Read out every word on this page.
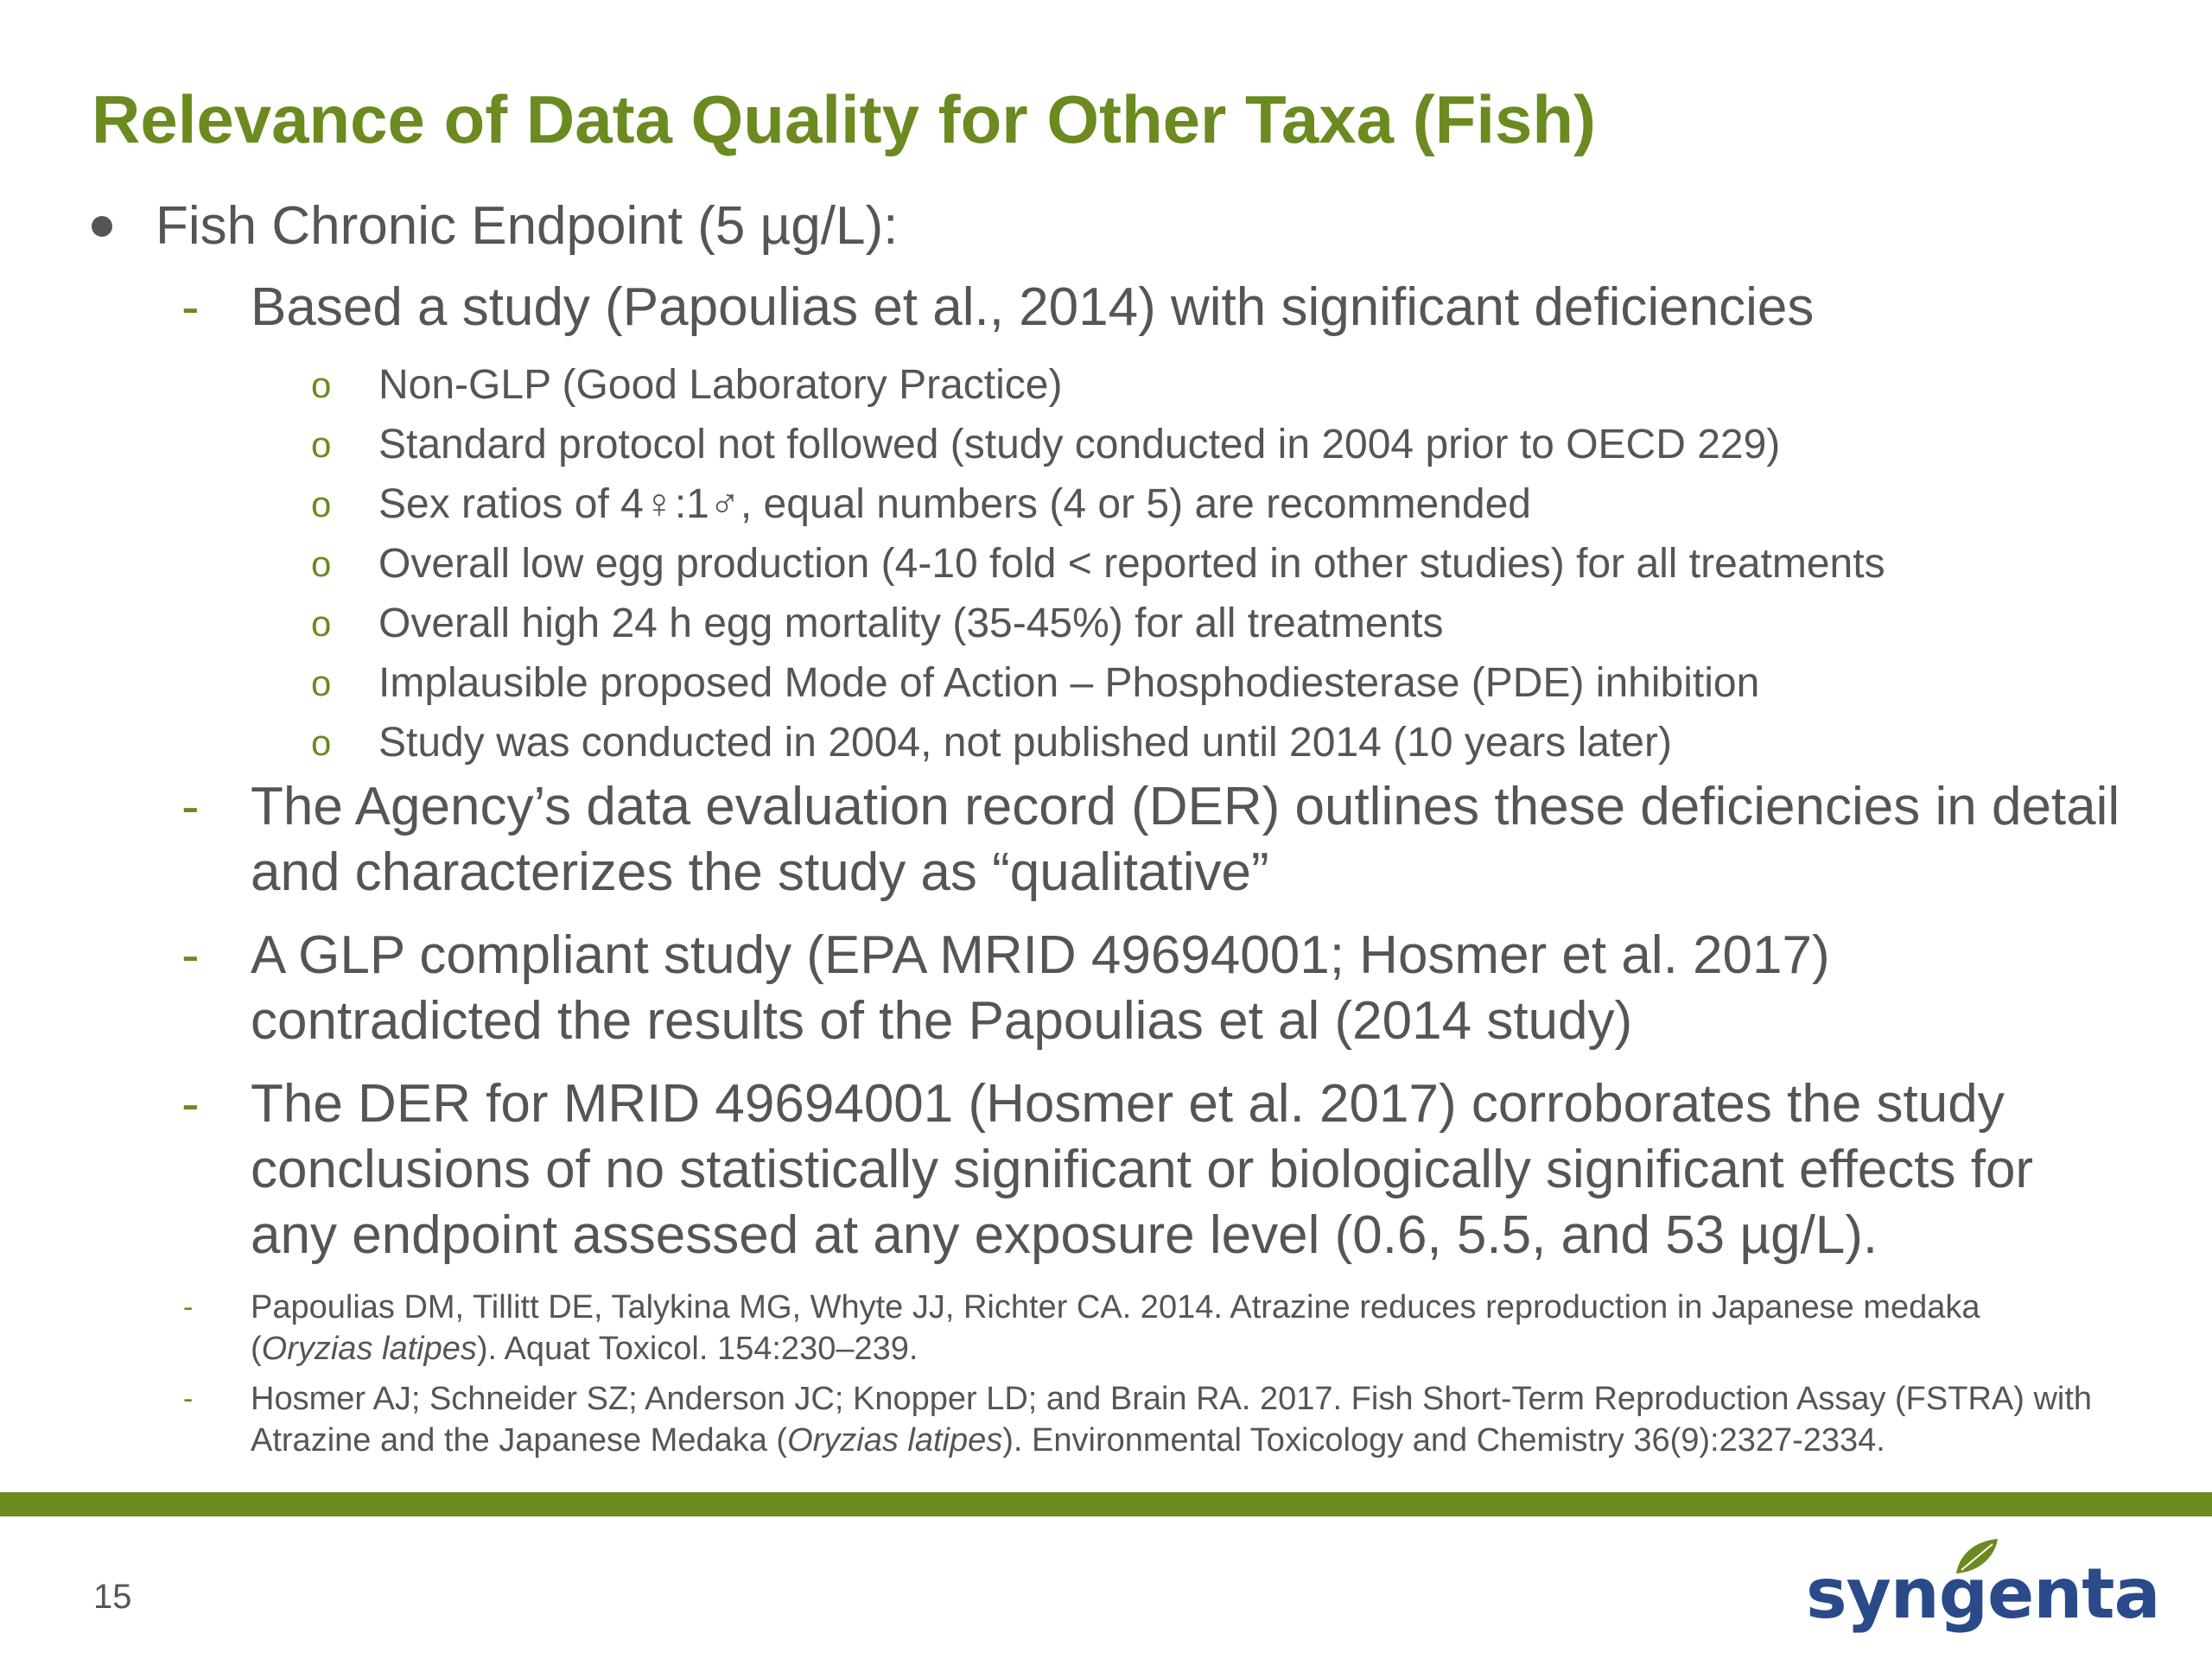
Relevance of Data Quality for Other Taxa (Fish)
Fish Chronic Endpoint (5 µg/L):
- Based a study (Papoulias et al., 2014) with significant deficiencies
o Non-GLP (Good Laboratory Practice)
o Standard protocol not followed (study conducted in 2004 prior to OECD 229)
o Sex ratios of 4♀:1♂, equal numbers (4 or 5) are recommended
o Overall low egg production (4-10 fold < reported in other studies) for all treatments
o Overall high 24 h egg mortality (35-45%) for all treatments
o Implausible proposed Mode of Action – Phosphodiesterase (PDE) inhibition
o Study was conducted in 2004, not published until 2014 (10 years later)
- The Agency’s data evaluation record (DER) outlines these deficiencies in detail and characterizes the study as “qualitative”
- A GLP compliant study (EPA MRID 49694001; Hosmer et al. 2017) contradicted the results of the Papoulias et al (2014 study)
- The DER for MRID 49694001 (Hosmer et al. 2017) corroborates the study conclusions of no statistically significant or biologically significant effects for any endpoint assessed at any exposure level (0.6, 5.5, and 53 µg/L).
- Papoulias DM, Tillitt DE, Talykina MG, Whyte JJ, Richter CA. 2014. Atrazine reduces reproduction in Japanese medaka (Oryzias latipes). Aquat Toxicol. 154:230–239.
- Hosmer AJ; Schneider SZ; Anderson JC; Knopper LD; and Brain RA. 2017. Fish Short-Term Reproduction Assay (FSTRA) with Atrazine and the Japanese Medaka (Oryzias latipes). Environmental Toxicology and Chemistry 36(9):2327-2334.
15	syngenta
